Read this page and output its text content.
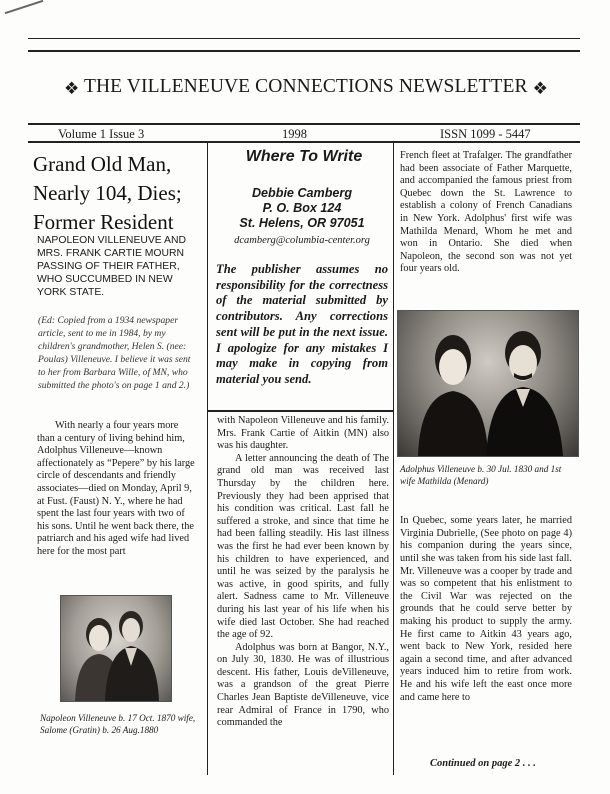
❖ THE VILLENEUVE CONNECTIONS NEWSLETTER ❖
Volume 1 Issue 3	1998	ISSN 1099 - 5447
Grand Old Man, Nearly 104, Dies; Former Resident
NAPOLEON VILLENEUVE AND MRS. FRANK CARTIE MOURN PASSING OF THEIR FATHER, WHO SUCCUMBED IN NEW YORK STATE.
(Ed: Copied from a 1934 newspaper article, sent to me in 1984, by my children's grandmother, Helen S. (nee: Poulas) Villeneuve. I believe it was sent to her from Barbara Wille, of MN, who submitted the photo's on page 1 and 2.)
With nearly a four years more than a century of living behind him, Adolphus Villeneuve—known affectionately as “Pepere” by his large circle of descendants and friendly associates—died on Monday, April 9, at Fust. (Faust) N. Y., where he had spent the last four years with two of his sons. Until he went back there, the patriarch and his aged wife had lived here for the most part
Napoleon Villeneuve b. 17 Oct. 1870 wife, Salome (Gratin) b. 26 Aug.1880
Where To Write
Debbie Camberg
P. O. Box 124
St. Helens, OR 97051
dcamberg@columbia-center.org
The publisher assumes no responsibility for the correctness of the material submitted by contributors. Any corrections sent will be put in the next issue. I apologize for any mistakes I may make in copying from material you send.

with Napoleon Villeneuve and his family. Mrs. Frank Cartie of Aitkin (MN) also was his daughter.

A letter announcing the death of The grand old man was received last Thursday by the children here. Previously they had been apprised that his condition was critical. Last fall he suffered a stroke, and since that time he had been falling steadily. His last illness was the first he had ever been known by his children to have experienced, and until he was seized by the paralysis he was active, in good spirits, and fully alert. Sadness came to Mr. Villeneuve during his last year of his life when his wife died last October. She had reached the age of 92.

Adolphus was born at Bangor, N.Y., on July 30, 1830. He was of illustrious descent. His father, Louis deVilleneuve, was a grandson of the great Pierre Charles Jean Baptiste deVilleneuve, vice rear Admiral of France in 1790, who commanded the

French fleet at Trafalger. The grandfather had been associate of Father Marquette, and accompanied the famous priest from Quebec down the St. Lawrence to establish a colony of French Canadians in New York. Adolphus' first wife was Mathilda Menard, Whom he met and won in Ontario. She died when Napoleon, the second son was not yet four years old.

Adolphus Villeneuve b. 30 Jul. 1830 and 1st wife Mathilda (Menard)

In Quebec, some years later, he married Virginia Dubrielle, (See photo on page 4) his companion during the years since, until she was taken from his side last fall. Mr. Villeneuve was a cooper by trade and was so competent that his enlistment to the Civil War was rejected on the grounds that he could serve better by making his product to supply the army. He first came to Aitkin 43 years ago, went back to New York, resided here again a second time, and after advanced years induced him to retire from work. He and his wife left the east once more and came here to

Continued on page 2 . . .
